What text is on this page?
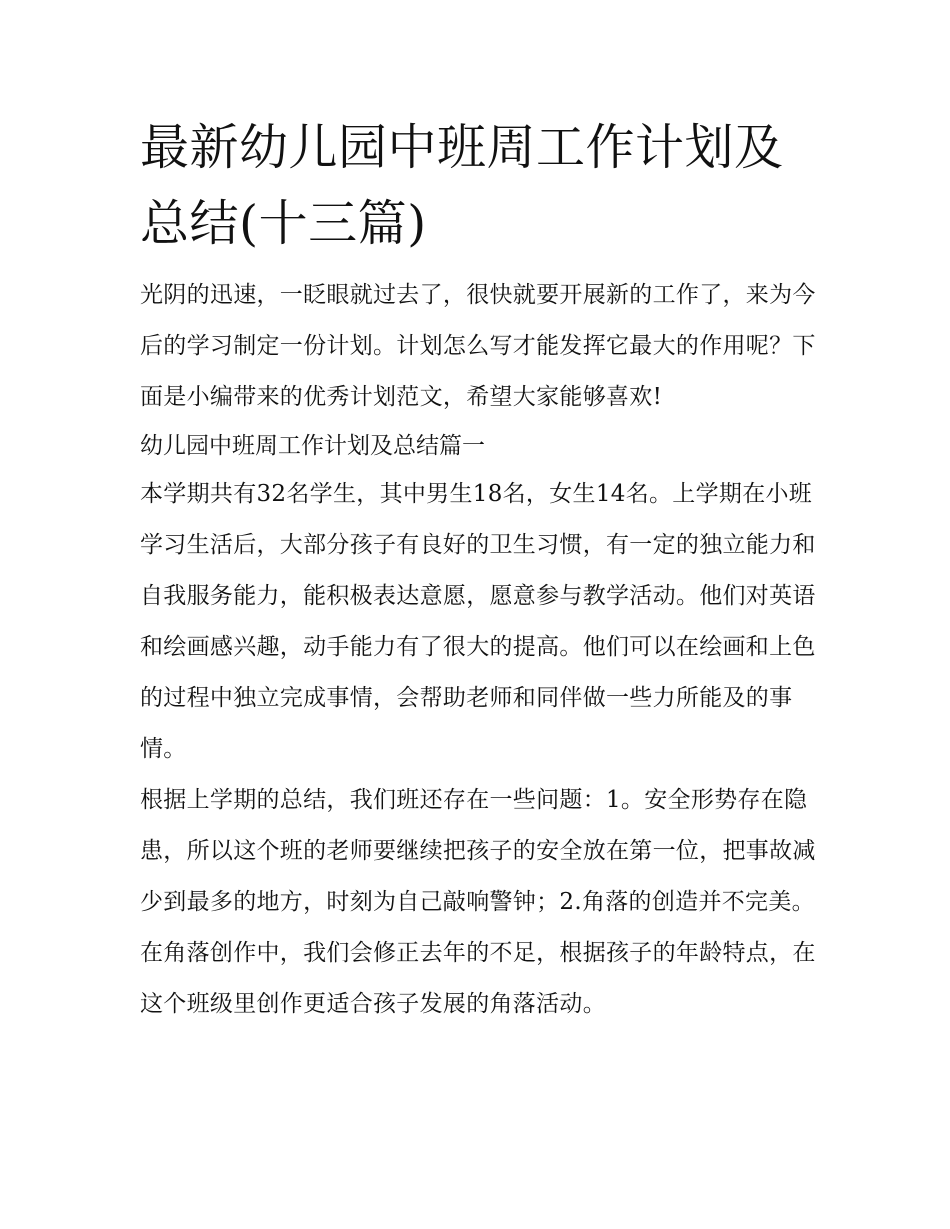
最新幼儿园中班周工作计划及总结(十三篇)

光阴的迅速，一眨眼就过去了，很快就要开展新的工作了，来为今后的学习制定一份计划。计划怎么写才能发挥它最大的作用呢？下面是小编带来的优秀计划范文，希望大家能够喜欢!

幼儿园中班周工作计划及总结篇一

本学期共有32名学生，其中男生18名，女生14名。上学期在小班学习生活后，大部分孩子有良好的卫生习惯，有一定的独立能力和自我服务能力，能积极表达意愿，愿意参与教学活动。他们对英语和绘画感兴趣，动手能力有了很大的提高。他们可以在绘画和上色的过程中独立完成事情，会帮助老师和同伴做一些力所能及的事情。

根据上学期的总结，我们班还存在一些问题：1。安全形势存在隐患，所以这个班的老师要继续把孩子的安全放在第一位，把事故减少到最多的地方，时刻为自己敲响警钟；2.角落的创造并不完美。在角落创作中，我们会修正去年的不足，根据孩子的年龄特点，在这个班级里创作更适合孩子发展的角落活动。
